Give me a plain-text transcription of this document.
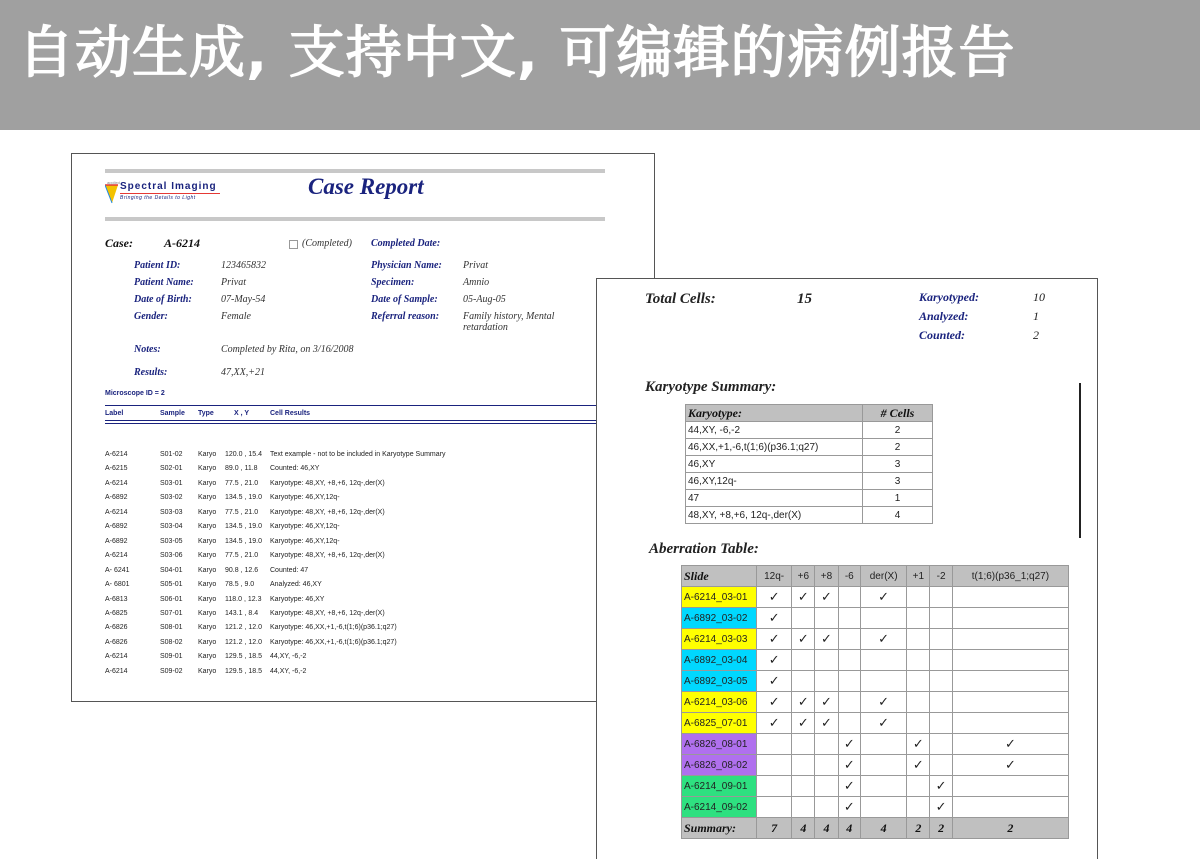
自动生成, 支持中文, 可编辑的病例报告
applied Spectral Imaging
Bringing the Details to Light	Case Report
Case:	A-6214	(Completed) Completed Date:
Notes:	Completed by Rita, on 3/16/2008
Results:	47,XX,+21
Microscope ID = 2
Label	Sample Type	X , Y	Cell Results
A-6214	S01-02 Karyo 120.0 , 15.4 Text example - not to be included in Karyotype Summary
A-6215	S02-01 Karyo 89.0 , 11.8 Counted: 46,XY
A-6214	S03-01 Karyo 77.5 , 21.0 Karyotype: 48,XY, +8,+6, 12q-,der(X)
A-6892	S03-02 Karyo 134.5 , 19.0 Karyotype: 46,XY,12q-
A-6214	S03-03 Karyo 77.5 , 21.0 Karyotype: 48,XY, +8,+6, 12q-,der(X)
A-6892	S03-04 Karyo 134.5 , 19.0 Karyotype: 46,XY,12q-
A-6892	S03-05 Karyo 134.5 , 19.0 Karyotype: 46,XY,12q-
A-6214	S03-06 Karyo 77.5 , 21.0 Karyotype: 48,XY, +8,+6, 12q-,der(X)
A- 6241	S04-01 Karyo 90.8 , 12.6 Counted: 47
A- 6801	S05-01 Karyo 78.5 , 9.0 Analyzed: 46,XY
A-6813	S06-01 Karyo 118.0 , 12.3 Karyotype: 46,XY
A-6825	S07-01 Karyo 143.1 , 8.4 Karyotype: 48,XY, +8,+6, 12q-,der(X)
A-6826	S08-01 Karyo 121.2 , 12.0 Karyotype: 46,XX,+1,-6,t(1;6)(p36.1;q27)
A-6826	S08-02 Karyo 121.2 , 12.0 Karyotype: 46,XX,+1,-6,t(1;6)(p36.1;q27)
A-6214	S09-01 Karyo 129.5 , 18.5 44,XY, -6,-2
A-6214	S09-02 Karyo 129.5 , 18.5 44,XY, -6,-2
Patient ID:	123465832
Patient Name:	Privat
Date of Birth:	07-May-54
Gender:	Female
Physician Name: Privat
Specimen:	Amnio
Date of Sample:	05-Aug-05
Referral reason: Family history, Mental
retardation
Total Cells:	15
Karyotype Summary:
Karyotype:	# Cells
44,XY, -6,-2	2
46,XX,+1,-6,t(1;6)(p36.1;q27)	2
46,XY	3
46,XY,12q-	3
47	1
48,XY, +8,+6, 12q-,der(X)	4
Aberration Table:
Slide	12q-	+6	+8	-6	der(X)	+1	-2	t(1;6)(p36_1;q27)
A-6214_03-01	✓	✓	✓		✓			
A-6892_03-02	✓							
A-6214_03-03	✓	✓	✓		✓			
A-6892_03-04	✓							
A-6892_03-05	✓							
A-6214_03-06	✓	✓	✓		✓			
A-6825_07-01	✓	✓	✓		✓			
A-6826_08-01				✓		✓		✓
A-6826_08-02				✓		✓		✓
A-6214_09-01				✓			✓	
A-6214_09-02				✓			✓	
Summary:	7	4	4	4	4	2	2	2
Karyotyped:	10
Analyzed:	1
Counted:	2
